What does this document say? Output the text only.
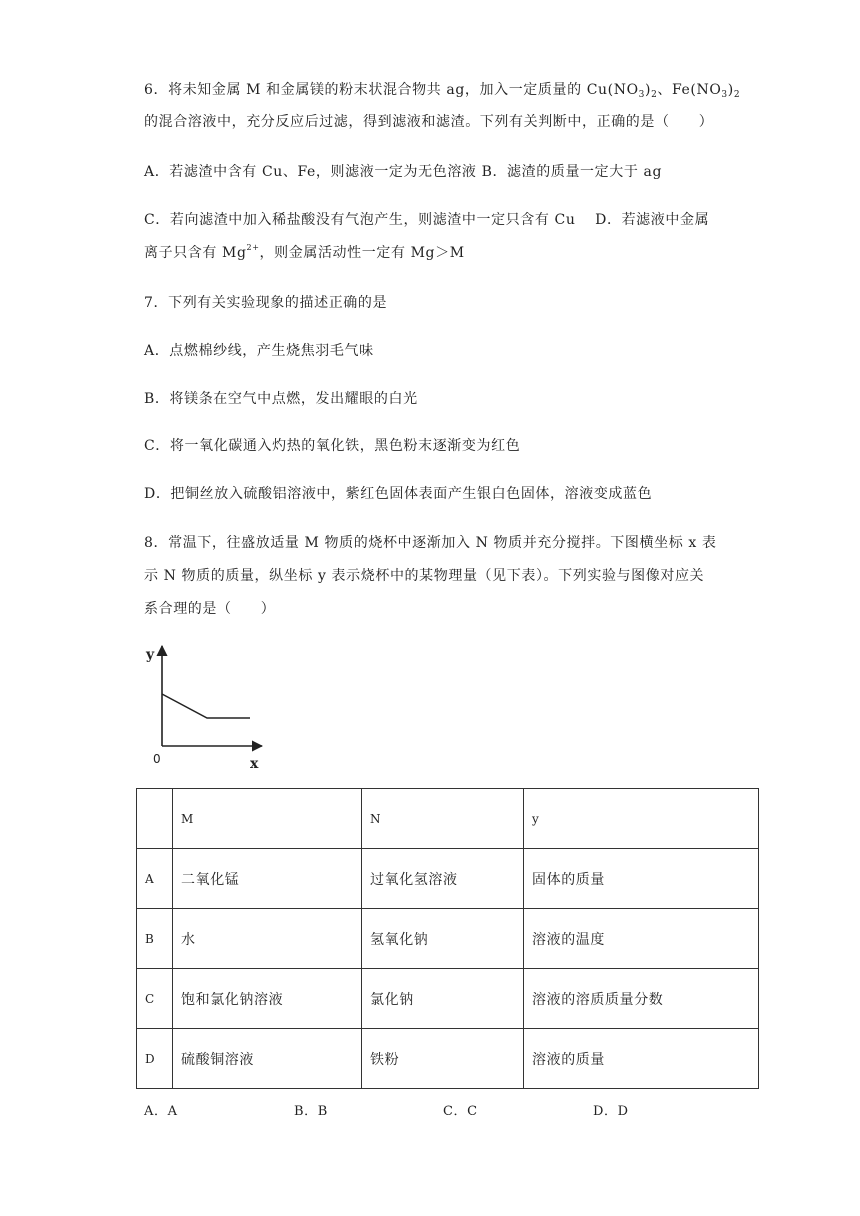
6．将未知金属 M 和金属镁的粉末状混合物共 ag，加入一定质量的 $Cu(NO_3)_2$、$Fe(NO_3)_2$
的混合溶液中，充分反应后过滤，得到滤液和滤渣。下列有关判断中，正确的是（　　）
A．若滤渣中含有 Cu、Fe，则滤液一定为无色溶液 B．滤渣的质量一定大于 ag
C．若向滤渣中加入稀盐酸没有气泡产生，则滤渣中一定只含有 Cu　 D．若滤液中金属
离子只含有 $Mg^{2+}$，则金属活动性一定有 Mg＞M
7．下列有关实验现象的描述正确的是
A．点燃棉纱线，产生烧焦羽毛气味
B．将镁条在空气中点燃，发出耀眼的白光
C．将一氧化碳通入灼热的氧化铁，黑色粉末逐渐变为红色
D．把铜丝放入硫酸铝溶液中，紫红色固体表面产生银白色固体，溶液变成蓝色
8．常温下，往盛放适量 M 物质的烧杯中逐渐加入 N 物质并充分搅拌。下图横坐标 x 表
示 N 物质的质量，纵坐标 y 表示烧杯中的某物理量（见下表）。下列实验与图像对应关
系合理的是（　　）
y
0	x
	M	N	y
A	二氧化锰	过氧化氢溶液	固体的质量
B	水	氢氧化钠	溶液的温度
C	饱和氯化钠溶液	氯化钠	溶液的溶质质量分数
D	硫酸铜溶液	铁粉	溶液的质量
A．A	B．B	C．C	D．D
